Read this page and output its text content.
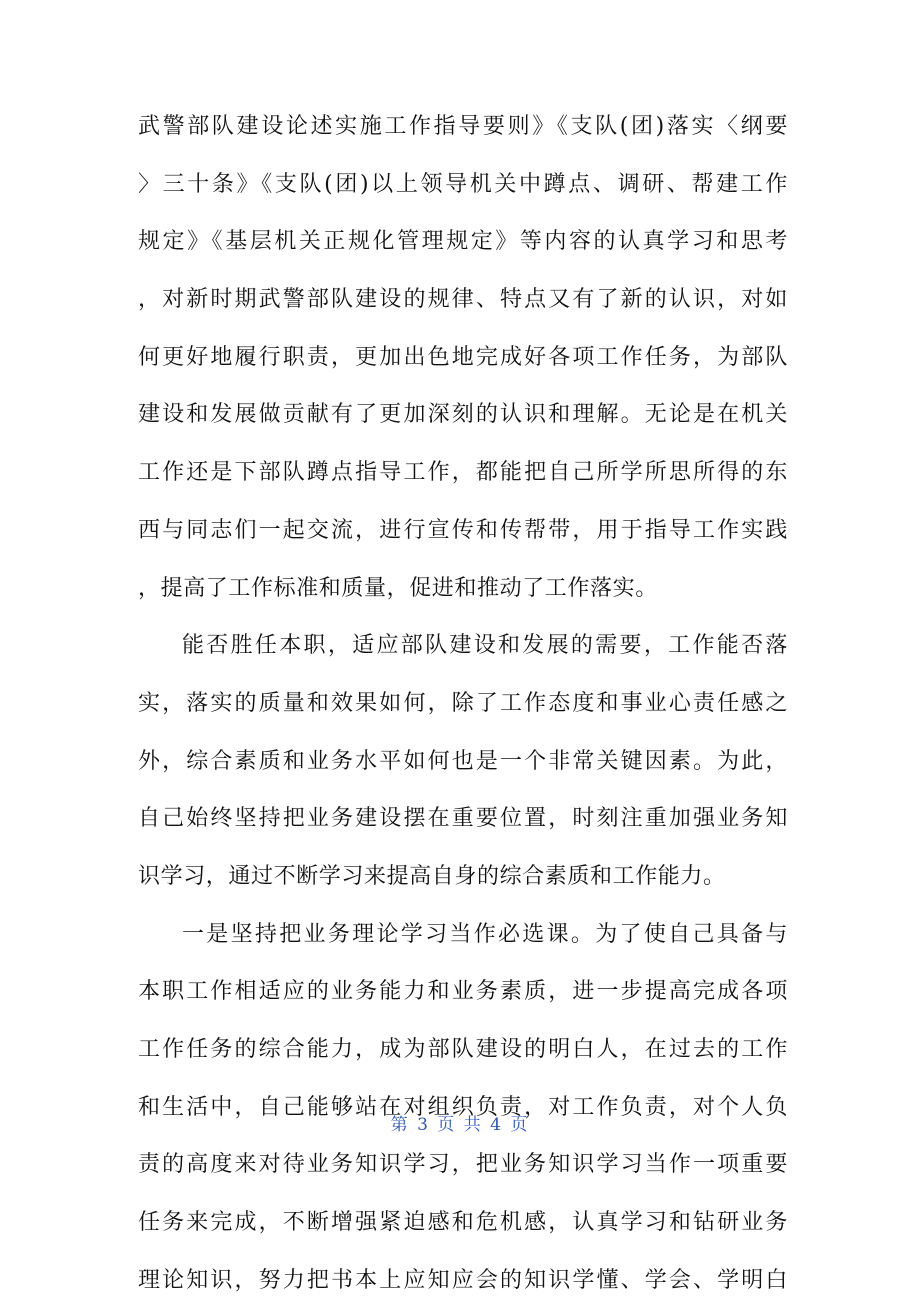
武警部队建设论述实施工作指导要则》《支队(团)落实〈纲要
〉三十条》《支队(团)以上领导机关中蹲点、调研、帮建工作
规定》《基层机关正规化管理规定》等内容的认真学习和思考
，对新时期武警部队建设的规律、特点又有了新的认识，对如
何更好地履行职责，更加出色地完成好各项工作任务，为部队
建设和发展做贡献有了更加深刻的认识和理解。无论是在机关
工作还是下部队蹲点指导工作，都能把自己所学所思所得的东
西与同志们一起交流，进行宣传和传帮带，用于指导工作实践
，提高了工作标准和质量，促进和推动了工作落实。
能否胜任本职，适应部队建设和发展的需要，工作能否落
实，落实的质量和效果如何，除了工作态度和事业心责任感之
外，综合素质和业务水平如何也是一个非常关键因素。为此，
自己始终坚持把业务建设摆在重要位置，时刻注重加强业务知
识学习，通过不断学习来提高自身的综合素质和工作能力。
一是坚持把业务理论学习当作必选课。为了使自己具备与
本职工作相适应的业务能力和业务素质，进一步提高完成各项
工作任务的综合能力，成为部队建设的明白人，在过去的工作
和生活中，自己能够站在对组织负责，对工作负责，对个人负
责的高度来对待业务知识学习，把业务知识学习当作一项重要
任务来完成，不断增强紧迫感和危机感，认真学习和钻研业务
理论知识，努力把书本上应知应会的知识学懂、学会、学明白
第 3 页 共 4 页
